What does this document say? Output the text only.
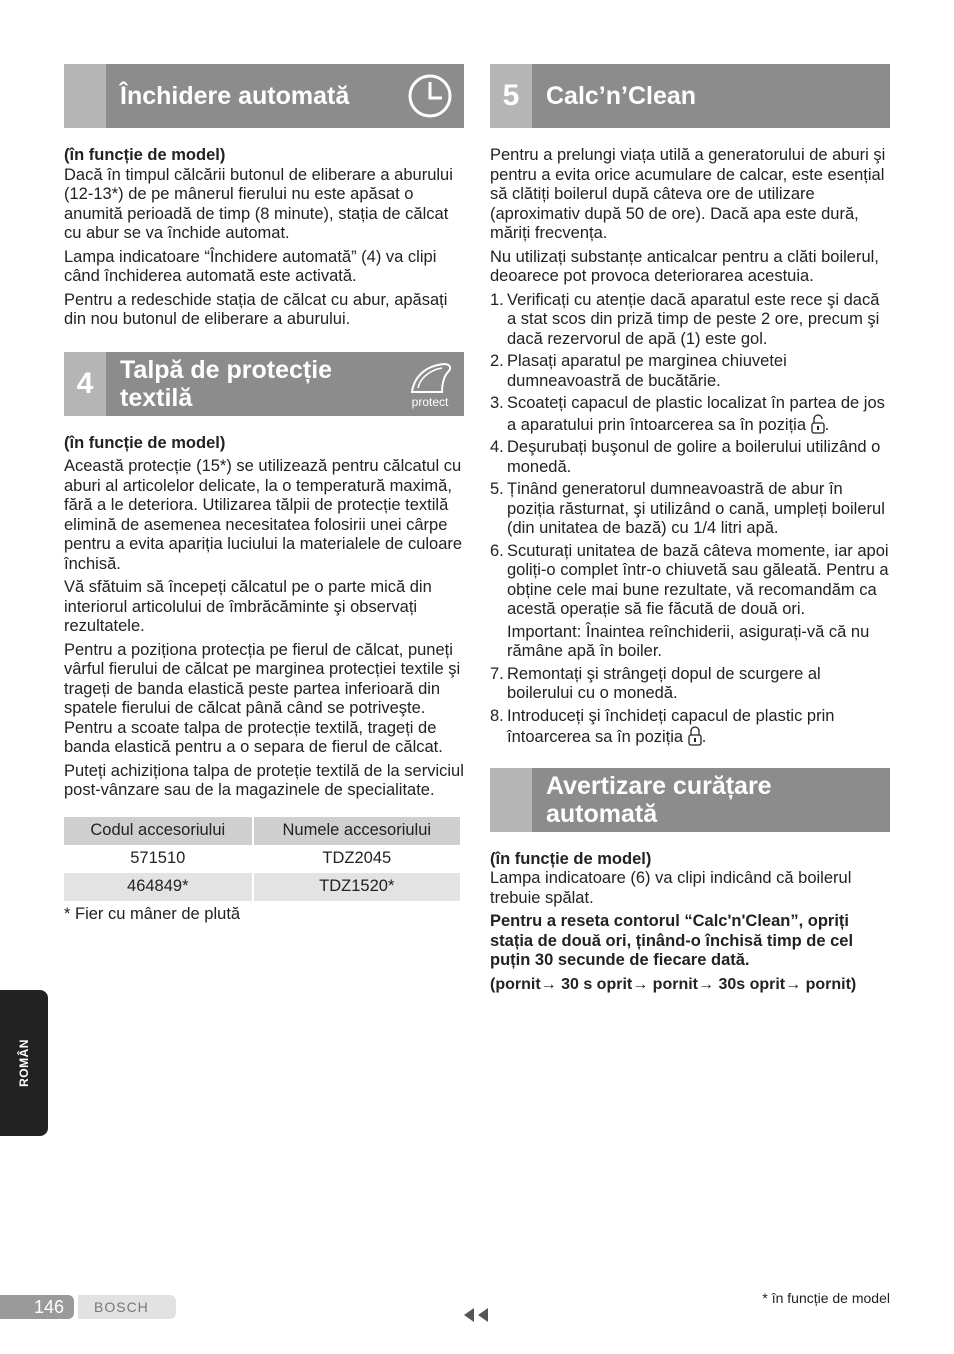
Închidere automată

(în funcție de model)

Dacă în timpul călcării butonul de eliberare a aburului (12-13*) de pe mânerul fierului nu este apăsat o anumită perioadă de timp (8 minute), stația de călcat cu abur se va închide automat.

Lampa indicatoare “Închidere automată” (4) va clipi când închiderea automată este activată.

Pentru a redeschide stația de călcat cu abur, apăsați din nou butonul de eliberare a aburului.

4	Talpă de protecție textilă	protect

(în funcție de model)

Această protecție (15*) se utilizează pentru călcatul cu aburi al articolelor delicate, la o temperatură maximă, fără a le deteriora. Utilizarea tălpii de protecție textilă elimină de asemenea necesitatea folosirii unei cârpe pentru a evita apariția luciului la materialele de culoare închisă.

Vă sfătuim să începeți călcatul pe o parte mică din interiorul articolului de îmbrăcăminte şi observați rezultatele.

Pentru a poziționa protecția pe fierul de călcat, puneți vârful fierului de călcat pe marginea protecției textile şi trageți de banda elastică peste partea inferioară din spatele fierului de călcat până când se potriveşte. Pentru a scoate talpa de protecție textilă, trageți de banda elastică pentru a o separa de fierul de călcat.

Puteți achiziționa talpa de proteție textilă de la serviciul post-vânzare sau de la magazinele de specialitate.

Codul accesoriului	Numele accesoriului
571510	TDZ2045
464849*	TDZ1520*

* Fier cu mâner de plută

5	Calc’n’Clean

Pentru a prelungi viața utilă a generatorului de aburi şi pentru a evita orice acumulare de calcar, este esențial să clătiți boilerul după câteva ore de utilizare (aproximativ după 50 de ore). Dacă apa este dură, măriți frecvența.

Nu utilizați substanțe anticalcar pentru a clăti boilerul, deoarece pot provoca deteriorarea acestuia.

1. Verificați cu atenție dacă aparatul este rece şi dacă a stat scos din priză timp de peste 2 ore, precum şi dacă rezervorul de apă (1) este gol.
2. Plasați aparatul pe marginea chiuvetei dumneavoastră de bucătărie.
3. Scoateți capacul de plastic localizat în partea de jos a aparatului prin întoarcerea sa în poziția .
4. Deşurubați buşonul de golire a boilerului utilizând o monedă.
5. Ținând generatorul dumneavoastră de abur în poziția răsturnat, şi utilizând o cană, umpleți boilerul (din unitatea de bază) cu 1/4 litri apă.
6. Scuturați unitatea de bază câteva momente, iar apoi goliți-o complet într-o chiuvetă sau găleată. Pentru a obține cele mai bune rezultate, vă recomandăm ca acestă operație să fie făcută de două ori.
Important: Înaintea reînchiderii, asigurați-vă că nu rămâne apă în boiler.
7. Remontați şi strângeți dopul de scurgere al boilerului cu o monedă.
8. Introduceți şi închideți capacul de plastic prin întoarcerea sa în poziția .
Avertizare curățare automată

(în funcție de model)

Lampa indicatoare (6) va clipi indicând că boilerul trebuie spălat.

Pentru a reseta contorul “Calc'n'Clean”, opriți stația de două ori, ținând-o închisă timp de cel puțin 30 secunde de fiecare dată.

(pornit→ 30 s oprit→ pornit→ 30s oprit→ pornit)

ROMÂN
146	BOSCH
* în funcție de model
